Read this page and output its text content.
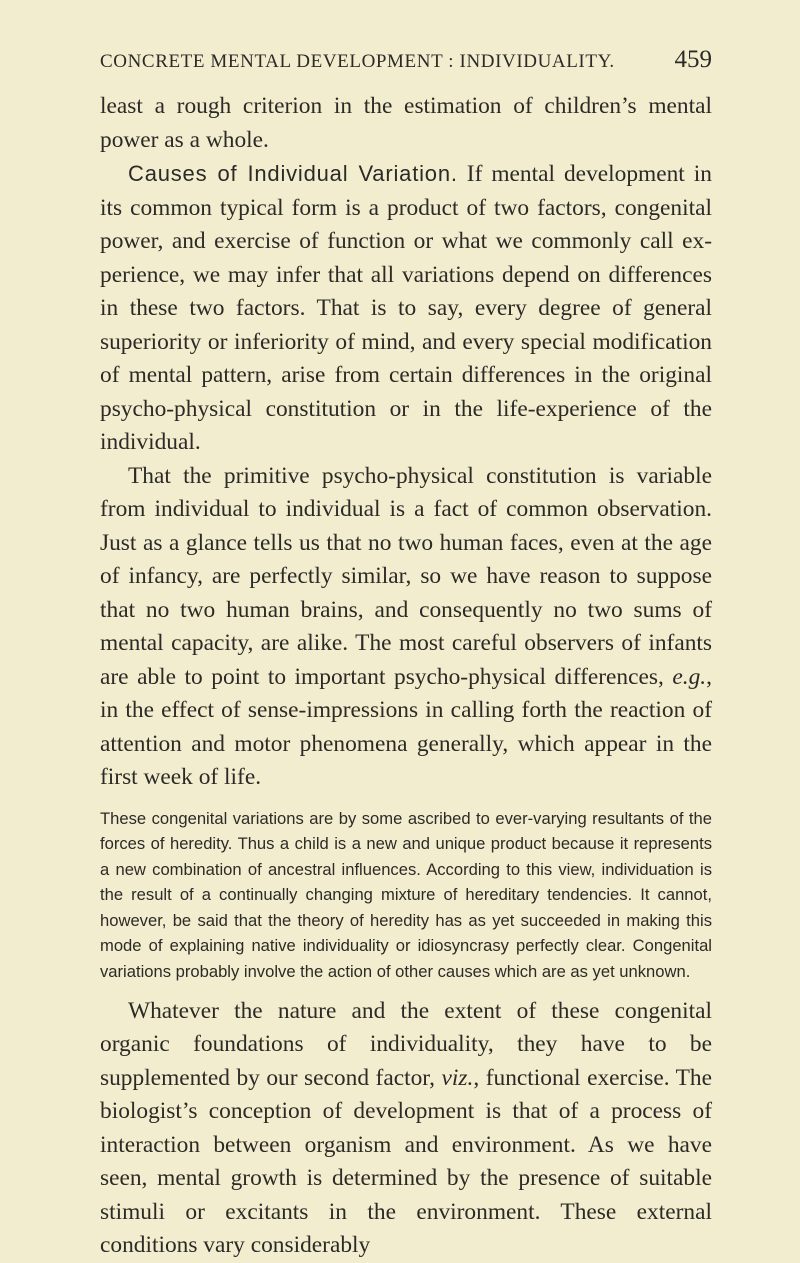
CONCRETE MENTAL DEVELOPMENT : INDIVIDUALITY. 459

least a rough criterion in the estimation of children’s mental power as a whole.

Causes of Individual Variation. If mental development in its common typical form is a product of two factors, congenital power, and exercise of function or what we commonly call experience, we may infer that all variations depend on differences in these two factors. That is to say, every degree of general superiority or inferiority of mind, and every special modification of mental pattern, arise from certain differences in the original psycho-physical constitution or in the life-experience of the individual.

That the primitive psycho-physical constitution is variable from individual to individual is a fact of common observation. Just as a glance tells us that no two human faces, even at the age of infancy, are perfectly similar, so we have reason to suppose that no two human brains, and consequently no two sums of mental capacity, are alike. The most careful observers of infants are able to point to important psycho-physical differences, e.g., in the effect of sense-impressions in calling forth the reaction of attention and motor phenomena generally, which appear in the first week of life.

These congenital variations are by some ascribed to ever-varying resultants of the forces of heredity. Thus a child is a new and unique product because it represents a new combination of ancestral influences. According to this view, individuation is the result of a continually changing mixture of hereditary tendencies. It cannot, however, be said that the theory of heredity has as yet succeeded in making this mode of explaining native individuality or idiosyncrasy perfectly clear. Congenital variations probably involve the action of other causes which are as yet unknown.

Whatever the nature and the extent of these congenital organic foundations of individuality, they have to be supplemented by our second factor, viz., functional exercise. The biologist’s conception of development is that of a process of interaction between organism and environment. As we have seen, mental growth is determined by the presence of suitable stimuli or excitants in the environment. These external conditions vary considerably
